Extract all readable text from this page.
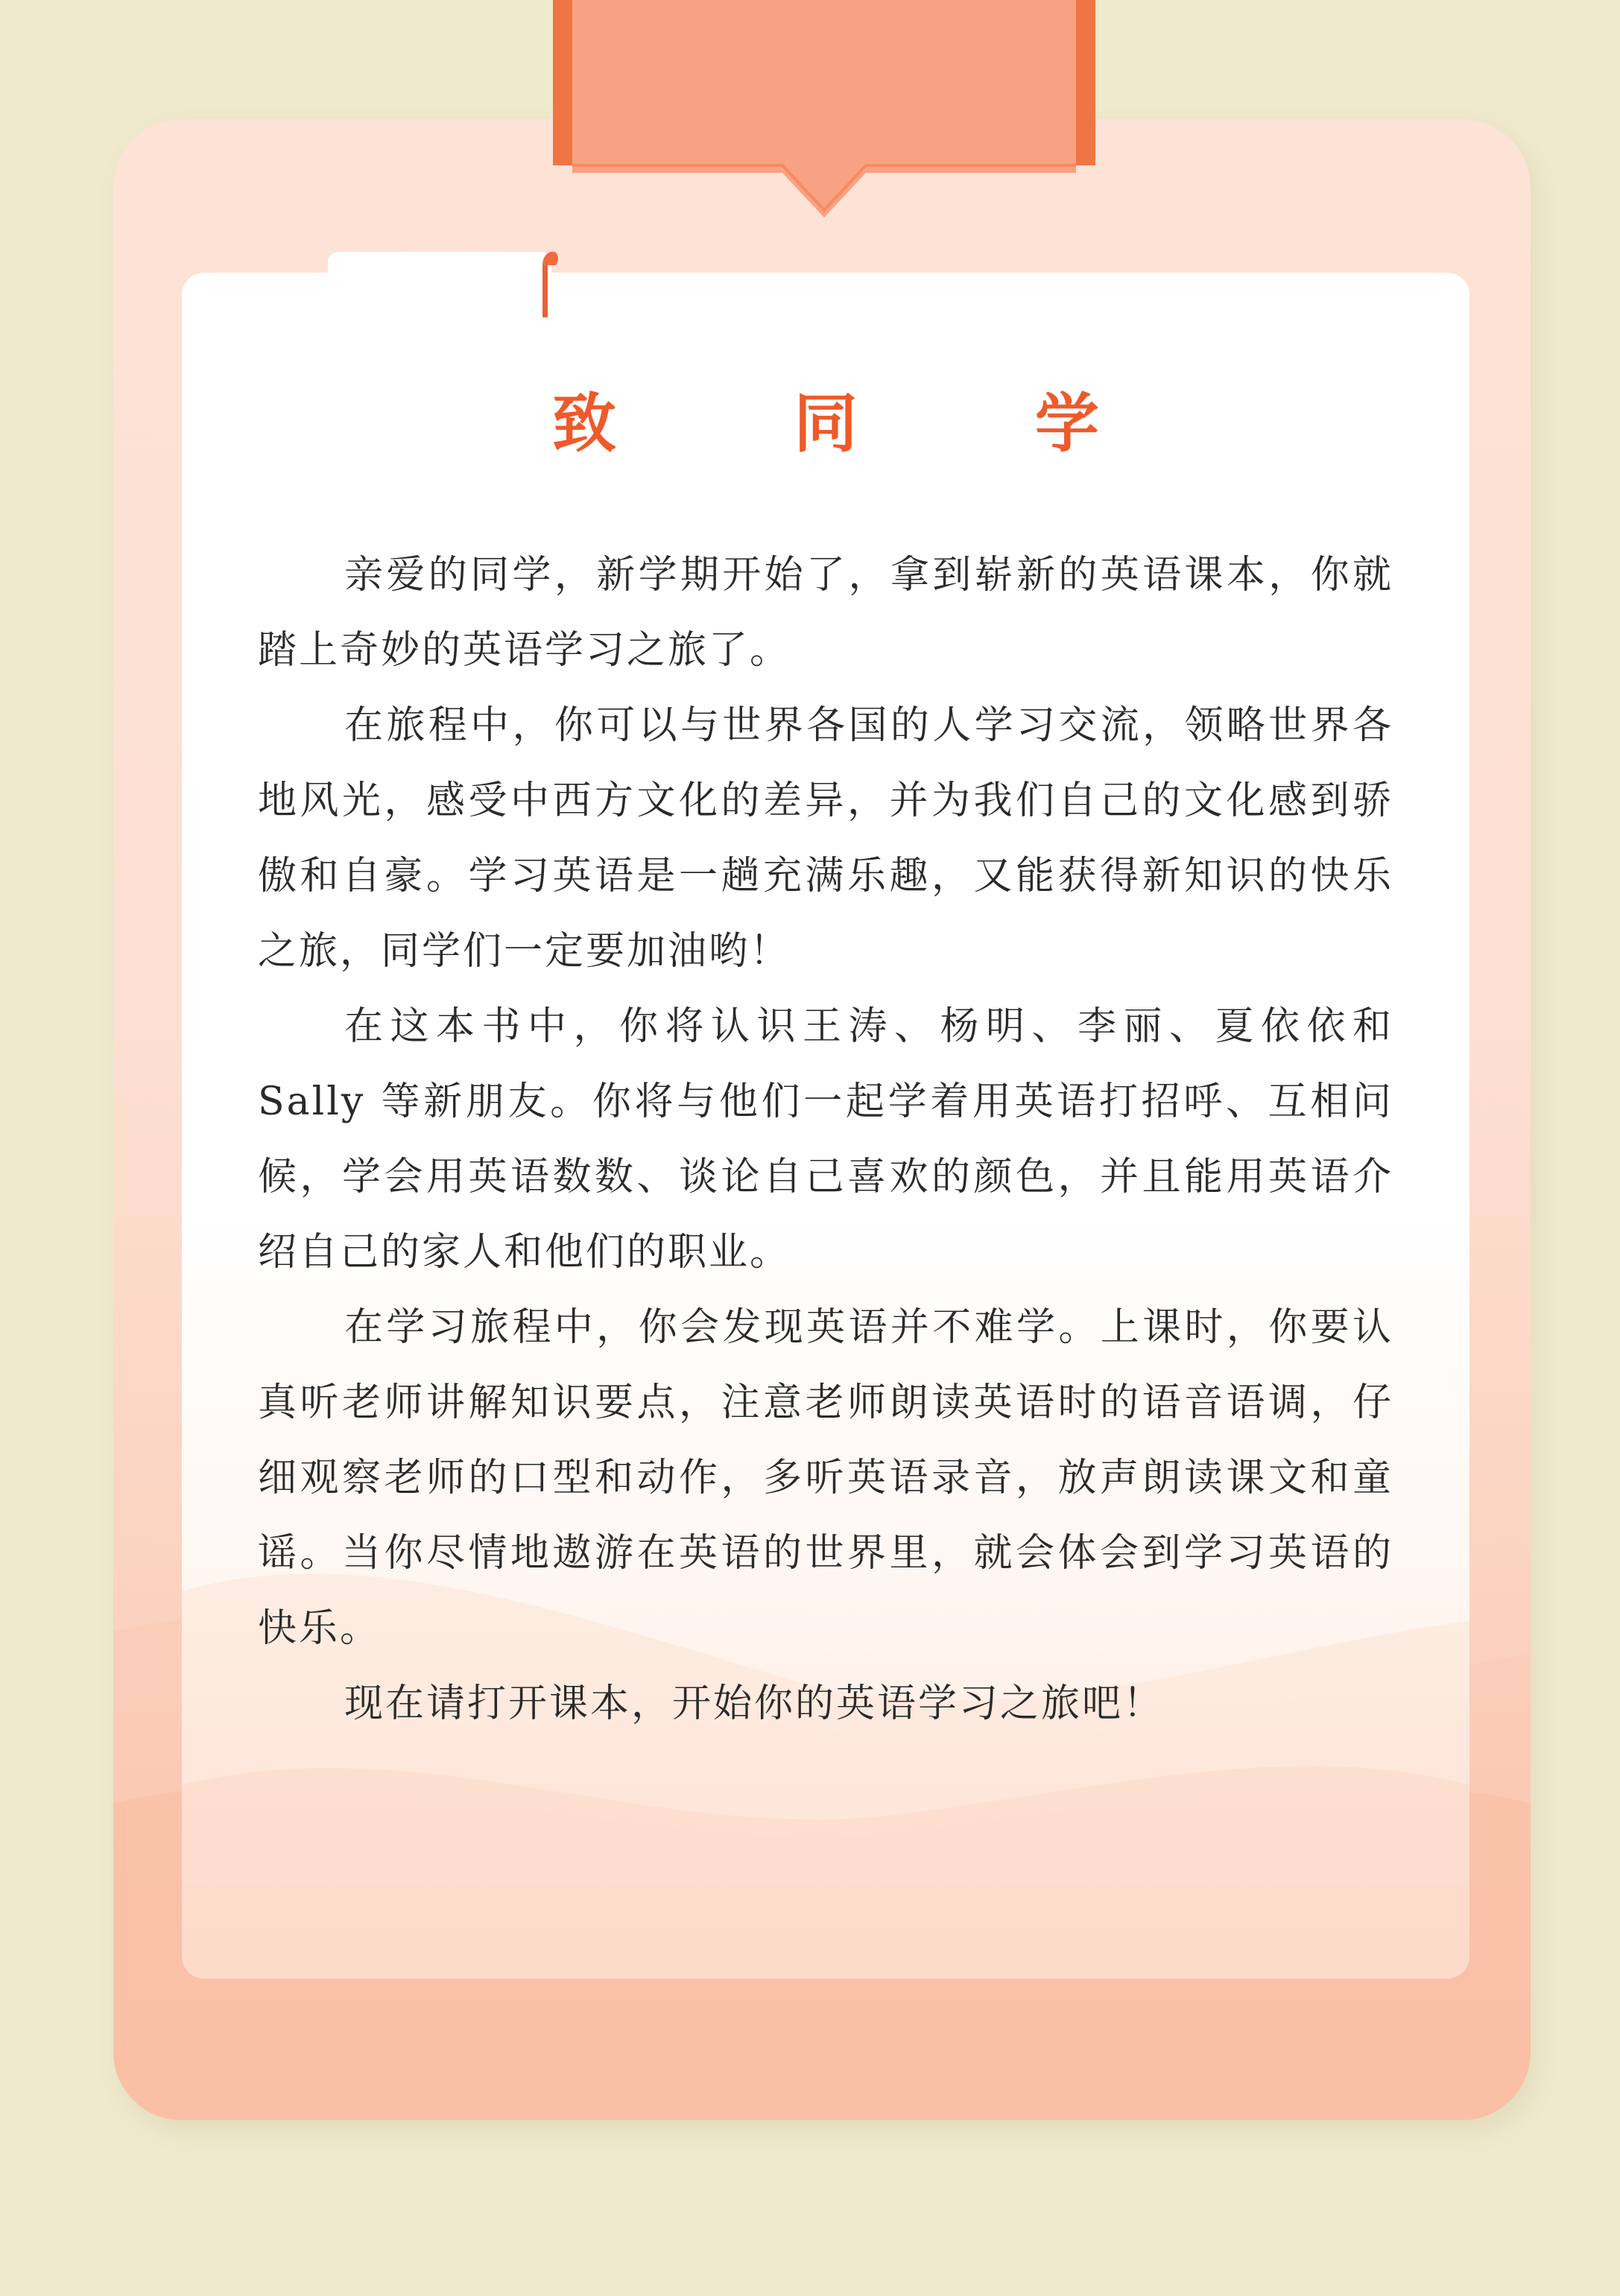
致 同 学

亲爱的同学，新学期开始了，拿到崭新的英语课本，你就踏上奇妙的英语学习之旅了。

在旅程中，你可以与世界各国的人学习交流，领略世界各地风光，感受中西方文化的差异，并为我们自己的文化感到骄傲和自豪。学习英语是一趟充满乐趣，又能获得新知识的快乐之旅，同学们一定要加油哟！

在这本书中，你将认识王涛、杨明、李丽、夏依依和Sally 等新朋友。你将与他们一起学着用英语打招呼、互相问候，学会用英语数数、谈论自己喜欢的颜色，并且能用英语介绍自己的家人和他们的职业。

在学习旅程中，你会发现英语并不难学。上课时，你要认真听老师讲解知识要点，注意老师朗读英语时的语音语调，仔细观察老师的口型和动作，多听英语录音，放声朗读课文和童谣。当你尽情地遨游在英语的世界里，就会体会到学习英语的快乐。

现在请打开课本，开始你的英语学习之旅吧！
